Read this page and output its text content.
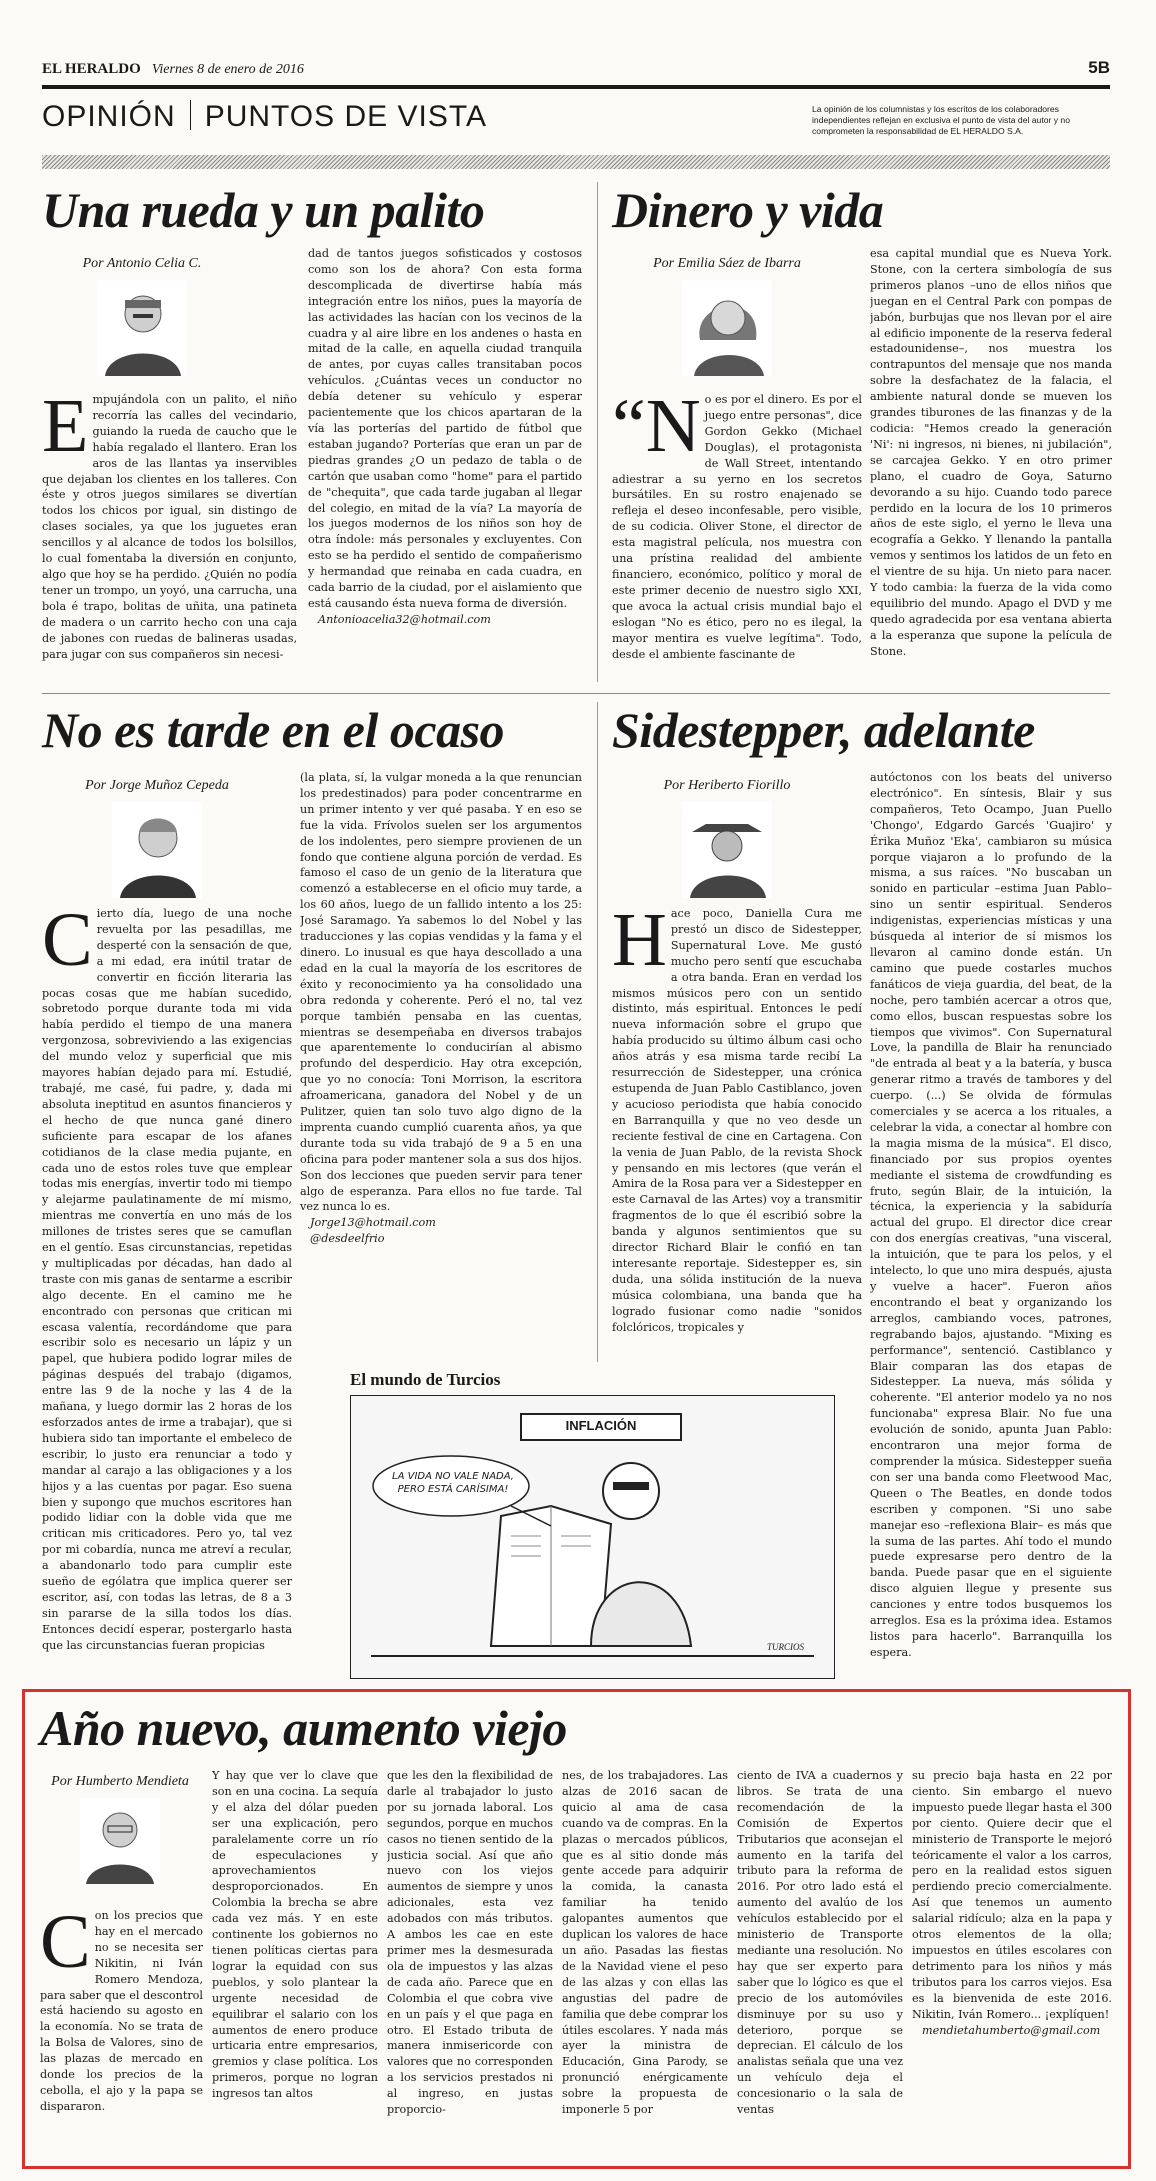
EL HERALDO Viernes 8 de enero de 2016	5B
OPINIÓN PUNTOS DE VISTA	La opinión de los columnistas y los escritos de los colaboradores independientes reflejan en exclusiva el punto de vista del autor y no comprometen la responsabilidad de EL HERALDO S.A.
Una rueda y un palito
Por Antonio Celia C.

Empujándola con un palito, el niño recorría las calles del vecindario, guiando la rueda de caucho que le había regalado el llantero. Eran los aros de las llantas ya inservibles que dejaban los clientes en los talleres. Con éste y otros juegos similares se divertían todos los chicos por igual, sin distingo de clases sociales, ya que los juguetes eran sencillos y al alcance de todos los bolsillos, lo cual fomentaba la diversión en conjunto, algo que hoy se ha perdido. ¿Quién no podía tener un trompo, un yoyó, una carrucha, una bola é trapo, bolitas de uñita, una patineta de madera o un carrito hecho con una caja de jabones con ruedas de balineras usadas, para jugar con sus compañeros sin necesi-

dad de tantos juegos sofisticados y costosos como son los de ahora? Con esta forma descomplicada de divertirse había más integración entre los niños, pues la mayoría de las actividades las hacían con los vecinos de la cuadra y al aire libre en los andenes o hasta en mitad de la calle, en aquella ciudad tranquila de antes, por cuyas calles transitaban pocos vehículos. ¿Cuántas veces un conductor no debía detener su vehículo y esperar pacientemente que los chicos apartaran de la vía las porterías del partido de fútbol que estaban jugando? Porterías que eran un par de piedras grandes ¿O un pedazo de tabla o de cartón que usaban como "home" para el partido de "chequita", que cada tarde jugaban al llegar del colegio, en mitad de la vía? La mayoría de los juegos modernos de los niños son hoy de otra índole: más personales y excluyentes. Con esto se ha perdido el sentido de compañerismo y hermandad que reinaba en cada cuadra, en cada barrio de la ciudad, por el aislamiento que está causando ésta nueva forma de diversión.

Antonioacelia32@hotmail.com

Dinero y vida
Por Emilia Sáez de Ibarra

“No es por el dinero. Es por el juego entre personas", dice Gordon Gekko (Michael Douglas), el protagonista de Wall Street, intentando adiestrar a su yerno en los secretos bursátiles. En su rostro enajenado se refleja el deseo inconfesable, pero visible, de su codicia. Oliver Stone, el director de esta magistral película, nos muestra con una prístina realidad del ambiente financiero, económico, político y moral de este primer decenio de nuestro siglo XXI, que avoca la actual crisis mundial bajo el eslogan "No es ético, pero no es ilegal, la mayor mentira es vuelve legítima". Todo, desde el ambiente fascinante de

esa capital mundial que es Nueva York. Stone, con la certera simbología de sus primeros planos –uno de ellos niños que juegan en el Central Park con pompas de jabón, burbujas que nos llevan por el aire al edificio imponente de la reserva federal estadounidense–, nos muestra los contrapuntos del mensaje que nos manda sobre la desfachatez de la falacia, el ambiente natural donde se mueven los grandes tiburones de las finanzas y de la codicia: "Hemos creado la generación 'Ni': ni ingresos, ni bienes, ni jubilación", se carcajea Gekko. Y en otro primer plano, el cuadro de Goya, Saturno devorando a su hijo. Cuando todo parece perdido en la locura de los 10 primeros años de este siglo, el yerno le lleva una ecografía a Gekko. Y llenando la pantalla vemos y sentimos los latidos de un feto en el vientre de su hija. Un nieto para nacer. Y todo cambia: la fuerza de la vida como equilibrio del mundo. Apago el DVD y me quedo agradecida por esa ventana abierta a la esperanza que supone la película de Stone.

No es tarde en el ocaso
Por Jorge Muñoz Cepeda

Cierto día, luego de una noche revuelta por las pesadillas, me desperté con la sensación de que, a mi edad, era inútil tratar de convertir en ficción literaria las pocas cosas que me habían sucedido, sobretodo porque durante toda mi vida había perdido el tiempo de una manera vergonzosa, sobreviviendo a las exigencias del mundo veloz y superficial que mis mayores habían dejado para mí. Estudié, trabajé, me casé, fui padre, y, dada mi absoluta ineptitud en asuntos financieros y el hecho de que nunca gané dinero suficiente para escapar de los afanes cotidianos de la clase media pujante, en cada uno de estos roles tuve que emplear todas mis energías, invertir todo mi tiempo y alejarme paulatinamente de mí mismo, mientras me convertía en uno más de los millones de tristes seres que se camuflan en el gentío. Esas circunstancias, repetidas y multiplicadas por décadas, han dado al traste con mis ganas de sentarme a escribir algo decente. En el camino me he encontrado con personas que critican mi escasa valentía, recordándome que para escribir solo es necesario un lápiz y un papel, que hubiera podido lograr miles de páginas después del trabajo (digamos, entre las 9 de la noche y las 4 de la mañana, y luego dormir las 2 horas de los esforzados antes de irme a trabajar), que si hubiera sido tan importante el embeleco de escribir, lo justo era renunciar a todo y mandar al carajo a las obligaciones y a los hijos y a las cuentas por pagar. Eso suena bien y supongo que muchos escritores han podido lidiar con la doble vida que me critican mis criticadores. Pero yo, tal vez por mi cobardía, nunca me atreví a recular, a abandonarlo todo para cumplir este sueño de ególatra que implica querer ser escritor, así, con todas las letras, de 8 a 3 sin pararse de la silla todos los días. Entonces decidí esperar, postergarlo hasta que las circunstancias fueran propicias

(la plata, sí, la vulgar moneda a la que renuncian los predestinados) para poder concentrarme en un primer intento y ver qué pasaba. Y en eso se fue la vida. Frívolos suelen ser los argumentos de los indolentes, pero siempre provienen de un fondo que contiene alguna porción de verdad. Es famoso el caso de un genio de la literatura que comenzó a establecerse en el oficio muy tarde, a los 60 años, luego de un fallido intento a los 25: José Saramago. Ya sabemos lo del Nobel y las traducciones y las copias vendidas y la fama y el dinero. Lo inusual es que haya descollado a una edad en la cual la mayoría de los escritores de éxito y reconocimiento ya ha consolidado una obra redonda y coherente. Peró el no, tal vez porque también pensaba en las cuentas, mientras se desempeñaba en diversos trabajos que aparentemente lo conducirían al abismo profundo del desperdicio. Hay otra excepción, que yo no conocía: Toni Morrison, la escritora afroamericana, ganadora del Nobel y de un Pulitzer, quien tan solo tuvo algo digno de la imprenta cuando cumplió cuarenta años, ya que durante toda su vida trabajó de 9 a 5 en una oficina para poder mantener sola a sus dos hijos. Son dos lecciones que pueden servir para tener algo de esperanza. Para ellos no fue tarde. Tal vez nunca lo es.

Jorge13@hotmail.com

@desdeelfrio

Sidestepper, adelante
Por Heriberto Fiorillo

Hace poco, Daniella Cura me prestó un disco de Sidestepper, Supernatural Love. Me gustó mucho pero sentí que escuchaba a otra banda. Eran en verdad los mismos músicos pero con un sentido distinto, más espiritual. Entonces le pedí nueva información sobre el grupo que había producido su último álbum casi ocho años atrás y esa misma tarde recibí La resurrección de Sidestepper, una crónica estupenda de Juan Pablo Castiblanco, joven y acucioso periodista que había conocido en Barranquilla y que no veo desde un reciente festival de cine en Cartagena. Con la venia de Juan Pablo, de la revista Shock y pensando en mis lectores (que verán el Amira de la Rosa para ver a Sidestepper en este Carnaval de las Artes) voy a transmitir fragmentos de lo que él escribió sobre la banda y algunos sentimientos que su director Richard Blair le confió en tan interesante reportaje. Sidestepper es, sin duda, una sólida institución de la nueva música colombiana, una banda que ha logrado fusionar como nadie "sonidos folclóricos, tropicales y

autóctonos con los beats del universo electrónico". En síntesis, Blair y sus compañeros, Teto Ocampo, Juan Puello 'Chongo', Edgardo Garcés 'Guajiro' y Érika Muñoz 'Eka', cambiaron su música porque viajaron a lo profundo de la misma, a sus raíces. "No buscaban un sonido en particular –estima Juan Pablo– sino un sentir espiritual. Senderos indigenistas, experiencias místicas y una búsqueda al interior de sí mismos los llevaron al camino donde están. Un camino que puede costarles muchos fanáticos de vieja guardia, del beat, de la noche, pero también acercar a otros que, como ellos, buscan respuestas sobre los tiempos que vivimos". Con Supernatural Love, la pandilla de Blair ha renunciado "de entrada al beat y a la batería, y busca generar ritmo a través de tambores y del cuerpo. (...) Se olvida de fórmulas comerciales y se acerca a los rituales, a celebrar la vida, a conectar al hombre con la magia misma de la música". El disco, financiado por sus propios oyentes mediante el sistema de crowdfunding es fruto, según Blair, de la intuición, la técnica, la experiencia y la sabiduría actual del grupo. El director dice crear con dos energías creativas, "una visceral, la intuición, que te para los pelos, y el intelecto, lo que uno mira después, ajusta y vuelve a hacer". Fueron años encontrando el beat y organizando los arreglos, cambiando voces, patrones, regrabando bajos, ajustando. "Mixing es performance", sentenció. Castiblanco y Blair comparan las dos etapas de Sidestepper. La nueva, más sólida y coherente. "El anterior modelo ya no nos funcionaba" expresa Blair. No fue una evolución de sonido, apunta Juan Pablo: encontraron una mejor forma de comprender la música. Sidestepper sueña con ser una banda como Fleetwood Mac, Queen o The Beatles, en donde todos escriben y componen. "Si uno sabe manejar eso –reflexiona Blair– es más que la suma de las partes. Ahí todo el mundo puede expresarse pero dentro de la banda. Puede pasar que en el siguiente disco alguien llegue y presente sus canciones y entre todos busquemos los arreglos. Esa es la próxima idea. Estamos listos para hacerlo". Barranquilla los espera.

El mundo de Turcios
INFLACIÓN
LA VIDA NO VALE NADA, PERO ESTÁ CARÍSIMA!
TURCIOS
Año nuevo, aumento viejo
Por Humberto Mendieta

Con los precios que hay en el mercado no se necesita ser Nikitin, ni Iván Romero Mendoza, para saber que el descontrol está haciendo su agosto en la economía. No se trata de la Bolsa de Valores, sino de las plazas de mercado en donde los precios de la cebolla, el ajo y la papa se dispararon.

Y hay que ver lo clave que son en una cocina. La sequía y el alza del dólar pueden ser una explicación, pero paralelamente corre un río de especulaciones y aprovechamientos desproporcionados. En Colombia la brecha se abre cada vez más. Y en este continente los gobiernos no tienen políticas ciertas para lograr la equidad con sus pueblos, y solo plantear la urgente necesidad de equilibrar el salario con los aumentos de enero produce urticaria entre empresarios, gremios y clase política. Los primeros, porque no logran ingresos tan altos

que les den la flexibilidad de darle al trabajador lo justo por su jornada laboral. Los segundos, porque en muchos casos no tienen sentido de la justicia social. Así que año nuevo con los viejos aumentos de siempre y unos adicionales, esta vez adobados con más tributos. A ambos les cae en este primer mes la desmesurada ola de impuestos y las alzas de cada año. Parece que en Colombia el que cobra vive en un país y el que paga en otro. El Estado tributa de manera inmisericorde con valores que no corresponden a los servicios prestados ni al ingreso, en justas proporcio-

nes, de los trabajadores. Las alzas de 2016 sacan de quicio al ama de casa cuando va de compras. En la plazas o mercados públicos, que es al sitio donde más gente accede para adquirir la comida, la canasta familiar ha tenido galopantes aumentos que duplican los valores de hace un año. Pasadas las fiestas de la Navidad viene el peso de las alzas y con ellas las angustias del padre de familia que debe comprar los útiles escolares. Y nada más ayer la ministra de Educación, Gina Parody, se pronunció enérgicamente sobre la propuesta de imponerle 5 por

ciento de IVA a cuadernos y libros. Se trata de una recomendación de la Comisión de Expertos Tributarios que aconsejan el aumento en la tarifa del tributo para la reforma de 2016. Por otro lado está el aumento del avalúo de los vehículos establecido por el ministerio de Transporte mediante una resolución. No hay que ser experto para saber que lo lógico es que el precio de los automóviles disminuye por su uso y deterioro, porque se deprecian. El cálculo de los analistas señala que una vez un vehículo deja el concesionario o la sala de ventas

su precio baja hasta en 22 por ciento. Sin embargo el nuevo impuesto puede llegar hasta el 300 por ciento. Quiere decir que el ministerio de Transporte le mejoró teóricamente el valor a los carros, pero en la realidad estos siguen perdiendo precio comercialmente. Así que tenemos un aumento salarial ridículo; alza en la papa y otros elementos de la olla; impuestos en útiles escolares con detrimento para los niños y más tributos para los carros viejos. Esa es la bienvenida de este 2016. Nikitin, Iván Romero... ¡explíquen!

mendietahumberto@gmail.com
